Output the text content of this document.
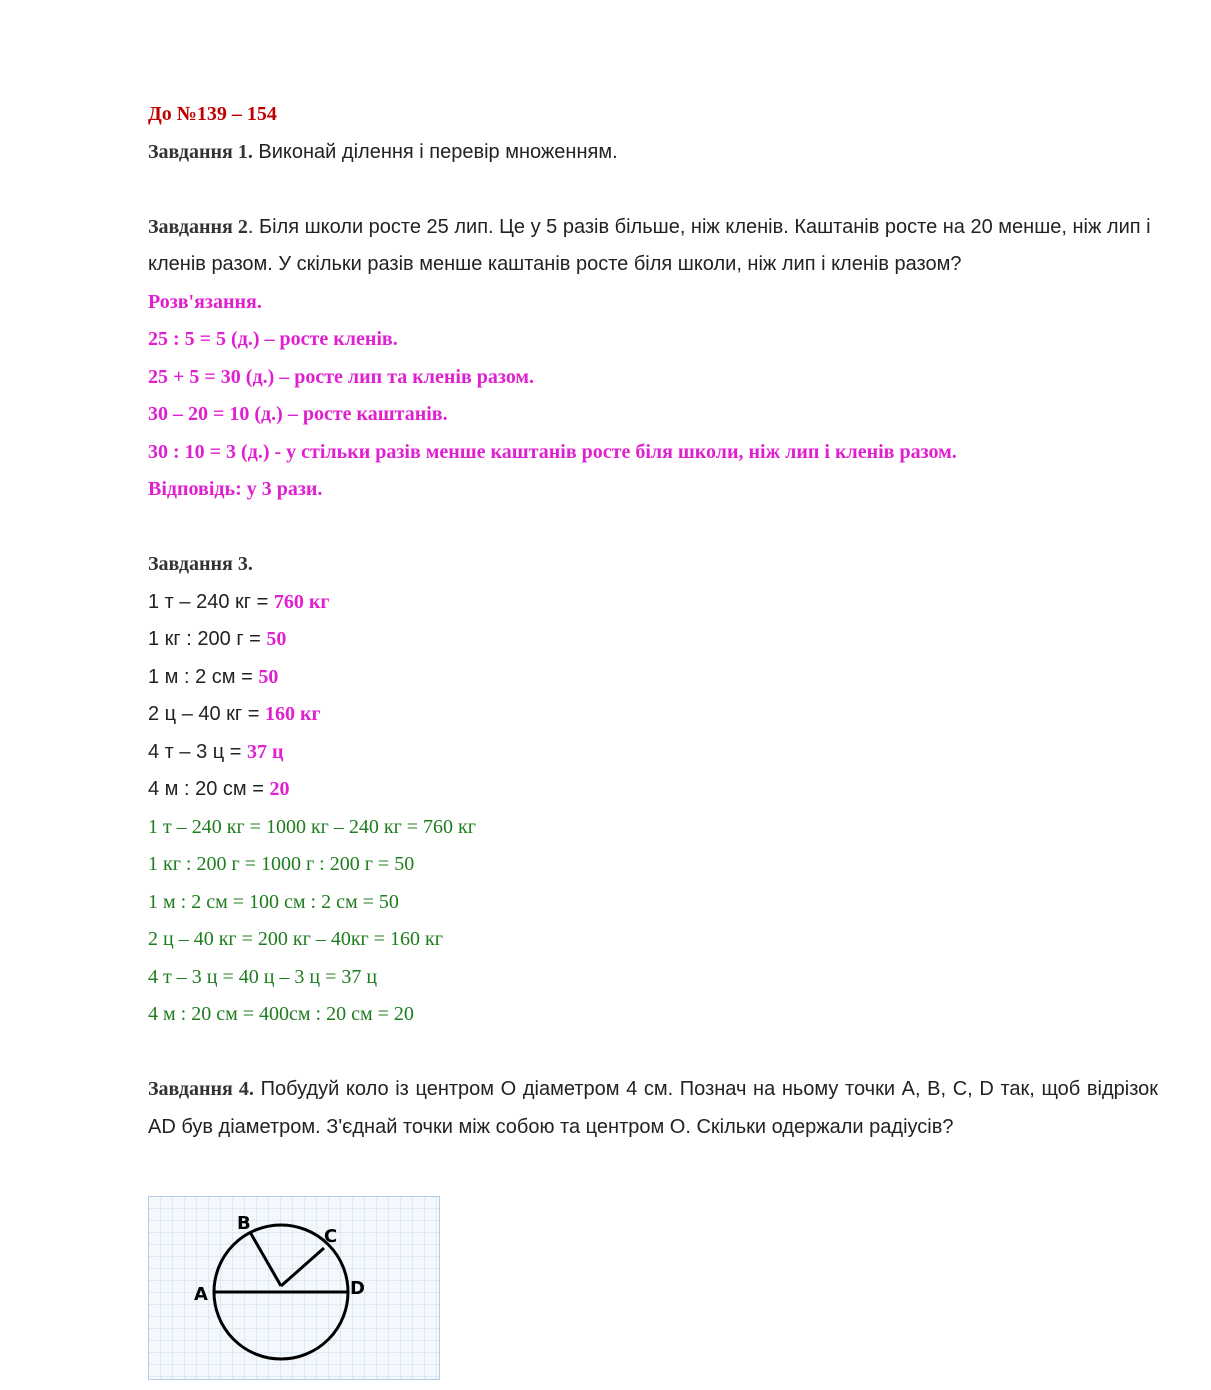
До №139 – 154
Завдання 1. Виконай ділення і перевір множенням.
Завдання 2. Біля школи росте 25 лип. Це у 5 разів більше, ніж кленів. Каштанів росте на 20 менше, ніж лип і кленів разом. У скільки разів менше каштанів росте біля школи, ніж лип і кленів разом?
Розв'язання.
25 : 5 = 5 (д.) – росте кленів.
25 + 5 = 30 (д.) – росте лип та кленів разом.
30 – 20 = 10 (д.) – росте каштанів.
30 : 10 = 3 (д.) - у стільки разів менше каштанів росте біля школи, ніж лип і кленів разом.
Відповідь: у 3 рази.
Завдання 3.
1 т – 240 кг = 760 кг
1 кг : 200 г = 50
1 м : 2 см = 50
2 ц – 40 кг = 160 кг
4 т – 3 ц = 37 ц
4 м : 20 см = 20
1 т – 240 кг = 1000 кг – 240 кг = 760 кг
1 кг : 200 г = 1000 г : 200 г = 50
1 м : 2 см = 100 см : 2 см = 50
2 ц – 40 кг = 200 кг – 40кг = 160 кг
4 т – 3 ц = 40 ц – 3 ц = 37 ц
4 м : 20 см = 400см : 20 см = 20
Завдання 4. Побудуй коло із центром О діаметром 4 см. Познач на ньому точки А, В, С, D так, щоб відрізок AD був діаметром. З'єднай точки між собою та центром О. Скільки одержали радіусів?
A
B
C
D
